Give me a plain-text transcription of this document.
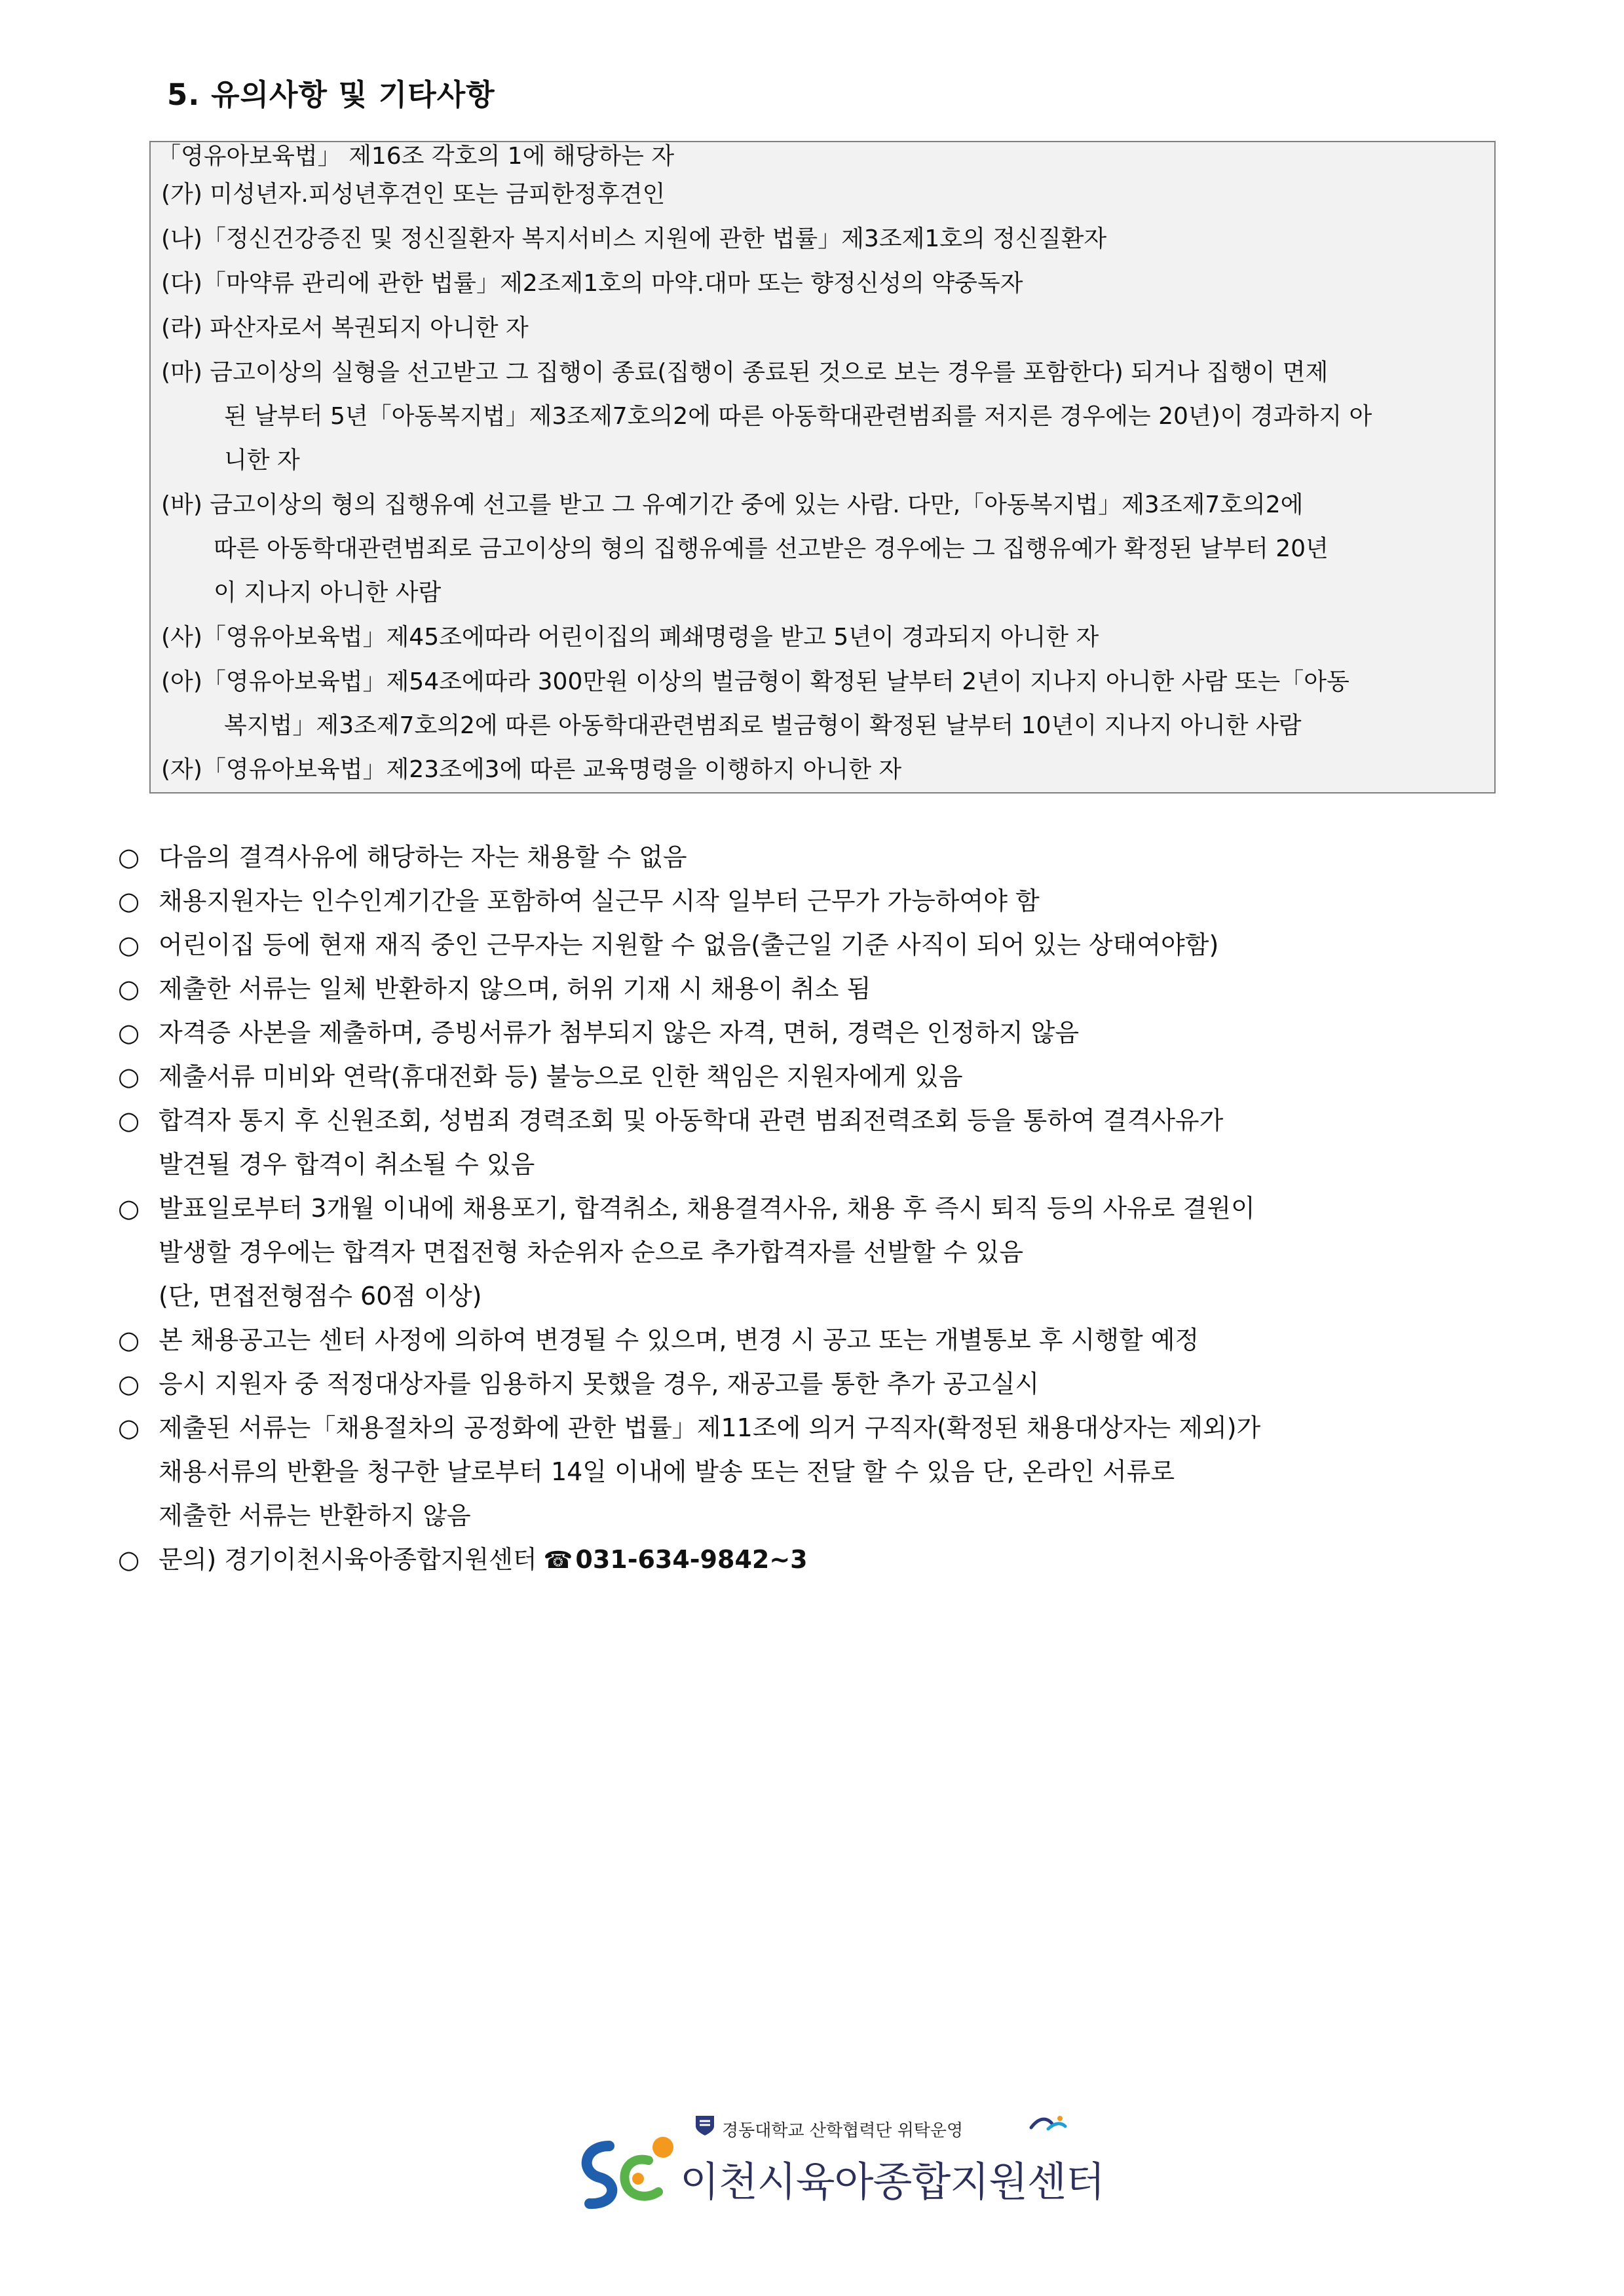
5. 유의사항 및 기타사항
「영유아보육법」 제16조 각호의 1에 해당하는 자
(가) 미성년자.피성년후견인 또는 금피한정후견인
(나)「정신건강증진 및 정신질환자 복지서비스 지원에 관한 법률」제3조제1호의 정신질환자
(다)「마약류 관리에 관한 법률」제2조제1호의 마약.대마 또는 향정신성의 약중독자
(라) 파산자로서 복권되지 아니한 자
(마) 금고이상의 실형을 선고받고 그 집행이 종료(집행이 종료된 것으로 보는 경우를 포함한다) 되거나 집행이 면제
된 날부터 5년「아동복지법」제3조제7호의2에 따른 아동학대관련범죄를 저지른 경우에는 20년)이 경과하지 아
니한 자
(바) 금고이상의 형의 집행유예 선고를 받고 그 유예기간 중에 있는 사람. 다만,「아동복지법」제3조제7호의2에
따른 아동학대관련범죄로 금고이상의 형의 집행유예를 선고받은 경우에는 그 집행유예가 확정된 날부터 20년
이 지나지 아니한 사람
(사)「영유아보육법」제45조에따라 어린이집의 폐쇄명령을 받고 5년이 경과되지 아니한 자
(아)「영유아보육법」제54조에따라 300만원 이상의 벌금형이 확정된 날부터 2년이 지나지 아니한 사람 또는「아동
복지법」제3조제7호의2에 따른 아동학대관련범죄로 벌금형이 확정된 날부터 10년이 지나지 아니한 사람
(자)「영유아보육법」제23조에3에 따른 교육명령을 이행하지 아니한 자
○ 다음의 결격사유에 해당하는 자는 채용할 수 없음
○ 채용지원자는 인수인계기간을 포함하여 실근무 시작 일부터 근무가 가능하여야 함
○ 어린이집 등에 현재 재직 중인 근무자는 지원할 수 없음(출근일 기준 사직이 되어 있는 상태여야함)
○ 제출한 서류는 일체 반환하지 않으며, 허위 기재 시 채용이 취소 됨
○ 자격증 사본을 제출하며, 증빙서류가 첨부되지 않은 자격, 면허, 경력은 인정하지 않음
○ 제출서류 미비와 연락(휴대전화 등) 불능으로 인한 책임은 지원자에게 있음
○ 합격자 통지 후 신원조회, 성범죄 경력조회 및 아동학대 관련 범죄전력조회 등을 통하여 결격사유가
발견될 경우 합격이 취소될 수 있음
○ 발표일로부터 3개월 이내에 채용포기, 합격취소, 채용결격사유, 채용 후 즉시 퇴직 등의 사유로 결원이
발생할 경우에는 합격자 면접전형 차순위자 순으로 추가합격자를 선발할 수 있음
(단, 면접전형점수 60점 이상)
○ 본 채용공고는 센터 사정에 의하여 변경될 수 있으며, 변경 시 공고 또는 개별통보 후 시행할 예정
○ 응시 지원자 중 적정대상자를 임용하지 못했을 경우, 재공고를 통한 추가 공고실시
○ 제출된 서류는「채용절차의 공정화에 관한 법률」제11조에 의거 구직자(확정된 채용대상자는 제외)가
채용서류의 반환을 청구한 날로부터 14일 이내에 발송 또는 전달 할 수 있음 단, 온라인 서류로
제출한 서류는 반환하지 않음
○ 문의) 경기이천시육아종합지원센터 ☎ 031-634-9842~3
경동대학교 산학협력단 위탁운영
이천시육아종합지원센터
